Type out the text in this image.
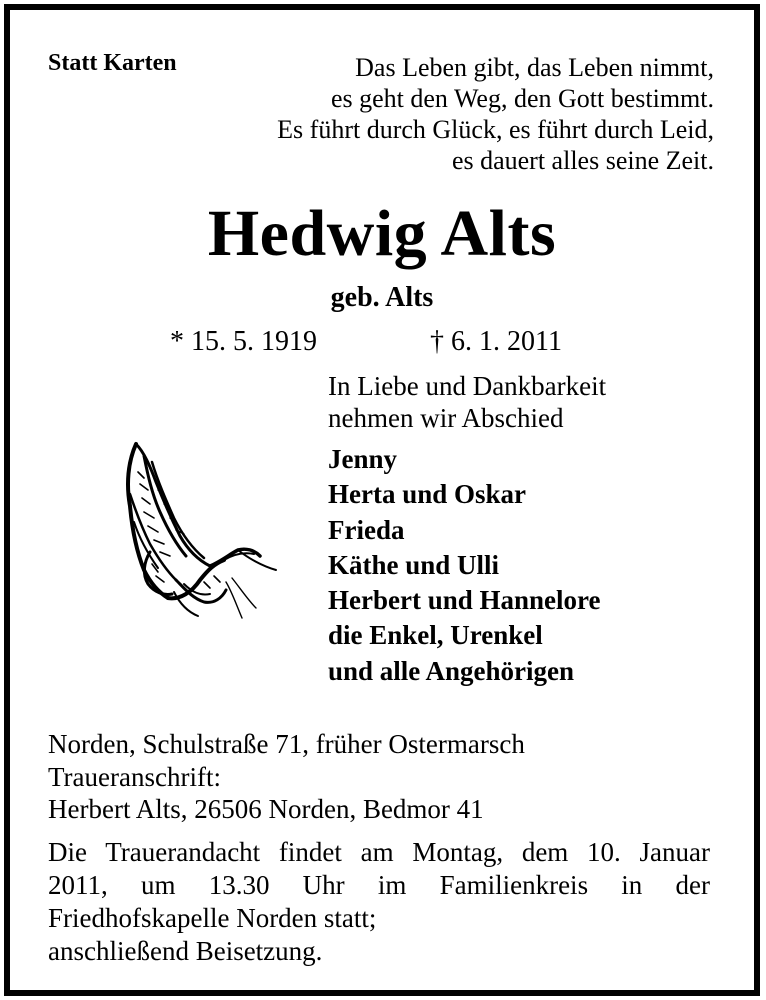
Statt Karten	Das Leben gibt, das Leben nimmt,
es geht den Weg, den Gott bestimmt.
Es führt durch Glück, es führt durch Leid,
es dauert alles seine Zeit.
Hedwig Alts
geb. Alts
* 15. 5. 1919	† 6. 1. 2011
In Liebe und Dankbarkeit
nehmen wir Abschied
Jenny
Herta und Oskar
Frieda
Käthe und Ulli
Herbert und Hannelore
die Enkel, Urenkel
und alle Angehörigen
Norden, Schulstraße 71, früher Ostermarsch
Traueranschrift:
Herbert Alts, 26506 Norden, Bedmor 41
Die Trauerandacht findet am Montag, dem 10. Januar
2011, um 13.30 Uhr im Familienkreis in der
Friedhofskapelle Norden statt;
anschließend Beisetzung.
